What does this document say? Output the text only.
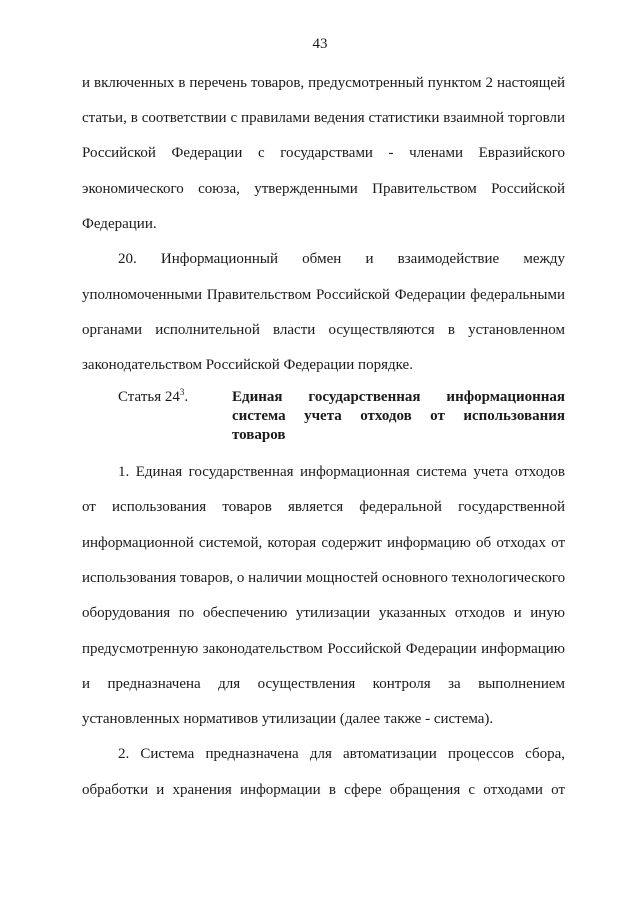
43
и включенных в перечень товаров, предусмотренный пунктом 2 настоящей
статьи, в соответствии с правилами ведения статистики взаимной торговли
Российской Федерации с государствами - членами Евразийского
экономического союза, утвержденными Правительством Российской
Федерации.
20. Информационный обмен и взаимодействие между
уполномоченными Правительством Российской Федерации федеральными
органами исполнительной власти осуществляются в установленном
законодательством Российской Федерации порядке.
Статья $24^3$.	Единая государственная информационная
система учета отходов от использования
товаров
1. Единая государственная информационная система учета отходов
от использования товаров является федеральной государственной
информационной системой, которая содержит информацию об отходах от
использования товаров, о наличии мощностей основного технологического
оборудования по обеспечению утилизации указанных отходов и иную
предусмотренную законодательством Российской Федерации информацию
и предназначена для осуществления контроля за выполнением
установленных нормативов утилизации (далее также - система).
2. Система предназначена для автоматизации процессов сбора,
обработки и хранения информации в сфере обращения с отходами от
